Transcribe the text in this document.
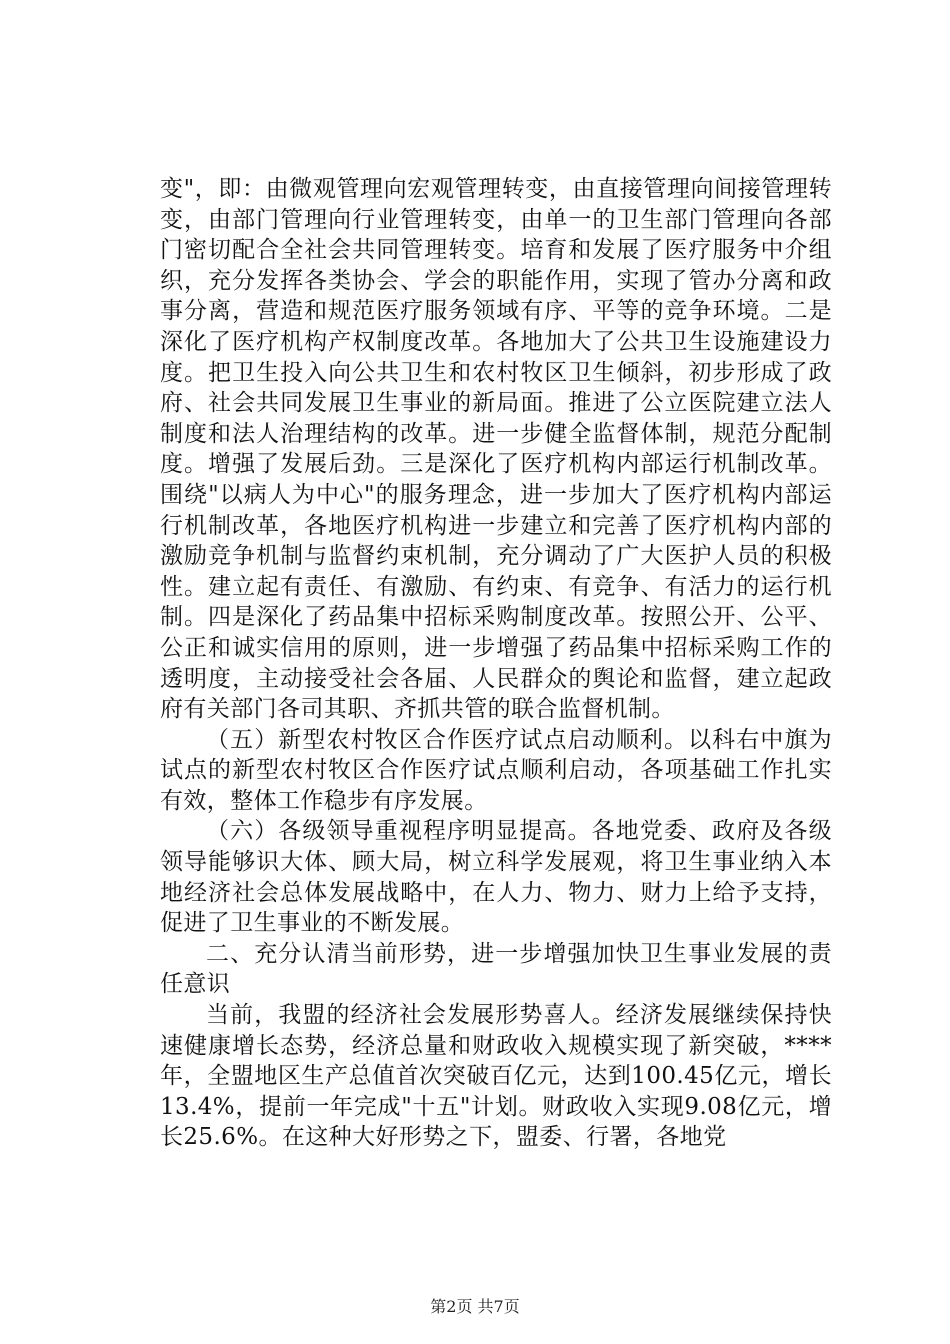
变"，即：由微观管理向宏观管理转变，由直接管理向间接管理转变，由部门管理向行业管理转变，由单一的卫生部门管理向各部门密切配合全社会共同管理转变。培育和发展了医疗服务中介组织，充分发挥各类协会、学会的职能作用，实现了管办分离和政事分离，营造和规范医疗服务领域有序、平等的竞争环境。二是深化了医疗机构产权制度改革。各地加大了公共卫生设施建设力度。把卫生投入向公共卫生和农村牧区卫生倾斜，初步形成了政府、社会共同发展卫生事业的新局面。推进了公立医院建立法人制度和法人治理结构的改革。进一步健全监督体制，规范分配制度。增强了发展后劲。三是深化了医疗机构内部运行机制改革。围绕"以病人为中心"的服务理念，进一步加大了医疗机构内部运行机制改革，各地医疗机构进一步建立和完善了医疗机构内部的激励竞争机制与监督约束机制，充分调动了广大医护人员的积极性。建立起有责任、有激励、有约束、有竞争、有活力的运行机制。四是深化了药品集中招标采购制度改革。按照公开、公平、公正和诚实信用的原则，进一步增强了药品集中招标采购工作的透明度，主动接受社会各届、人民群众的舆论和监督，建立起政府有关部门各司其职、齐抓共管的联合监督机制。

（五）新型农村牧区合作医疗试点启动顺利。以科右中旗为试点的新型农村牧区合作医疗试点顺利启动，各项基础工作扎实有效，整体工作稳步有序发展。

（六）各级领导重视程序明显提高。各地党委、政府及各级领导能够识大体、顾大局，树立科学发展观，将卫生事业纳入本地经济社会总体发展战略中，在人力、物力、财力上给予支持，促进了卫生事业的不断发展。

二、充分认清当前形势，进一步增强加快卫生事业发展的责任意识

当前，我盟的经济社会发展形势喜人。经济发展继续保持快速健康增长态势，经济总量和财政收入规模实现了新突破，****年，全盟地区生产总值首次突破百亿元，达到100.45亿元，增长13.4%，提前一年完成"十五"计划。财政收入实现9.08亿元，增长25.6%。在这种大好形势之下，盟委、行署，各地党

第2页 共7页
